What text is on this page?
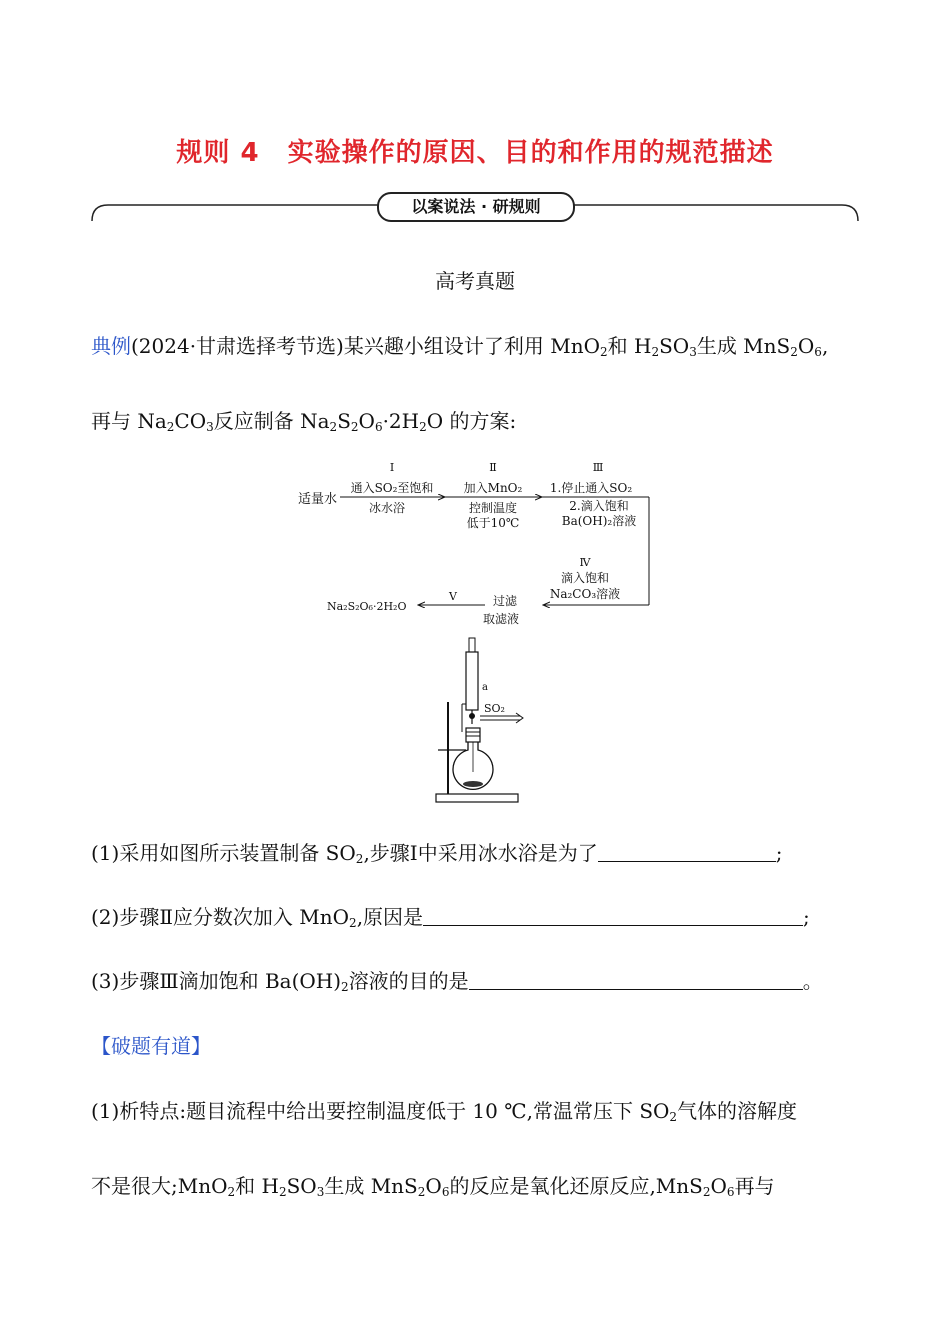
规则 4 实验操作的原因、目的和作用的规范描述
以案说法 · 研规则
高考真题
典例(2024·甘肃选择考节选)某兴趣小组设计了利用 MnO$_2$和 $H_2SO_3$生成 $MnS_2O_6$,
再与 $Na_2CO_3$反应制备 $Na_2S_2O_6\cdot 2H_2O$ 的方案:
适量水
Ⅰ
通入SO₂至饱和
冰水浴
Ⅱ
加入MnO₂
控制温度
低于10℃
Ⅲ
1.停止通入SO₂
2.滴入饱和
Ba(OH)₂溶液
Ⅳ
滴入饱和
Na₂CO₃溶液
过滤
Ⅴ
Na₂S₂O₆·2H₂O
取滤液
a
SO₂
(1)采用如图所示装置制备 $SO_2$,步骤Ⅰ中采用冰水浴是为了	;
(2)步骤Ⅱ应分数次加入 MnO$_2$,原因是	;
(3)步骤Ⅲ滴加饱和 $Ba(OH)_2$溶液的目的是	。
【破题有道】
(1)析特点:题目流程中给出要控制温度低于 10 ℃,常温常压下 $SO_2$气体的溶解度
不是很大;MnO$_2$和 $H_2SO_3$生成 $MnS_2O_6$的反应是氧化还原反应$,MnS_2O_6$再与
